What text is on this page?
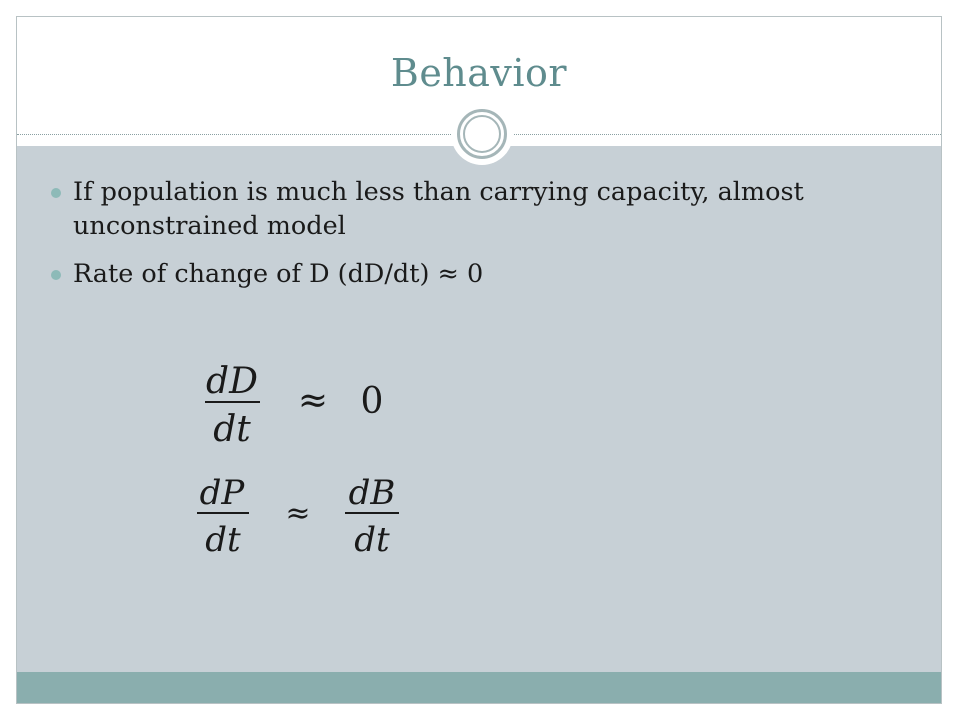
Behavior
If population is much less than carrying capacity, almost unconstrained model
Rate of change of D (dD/dt) ≈ 0
dD
dt
≈ 0
dP
dt
≈
dB
dt
